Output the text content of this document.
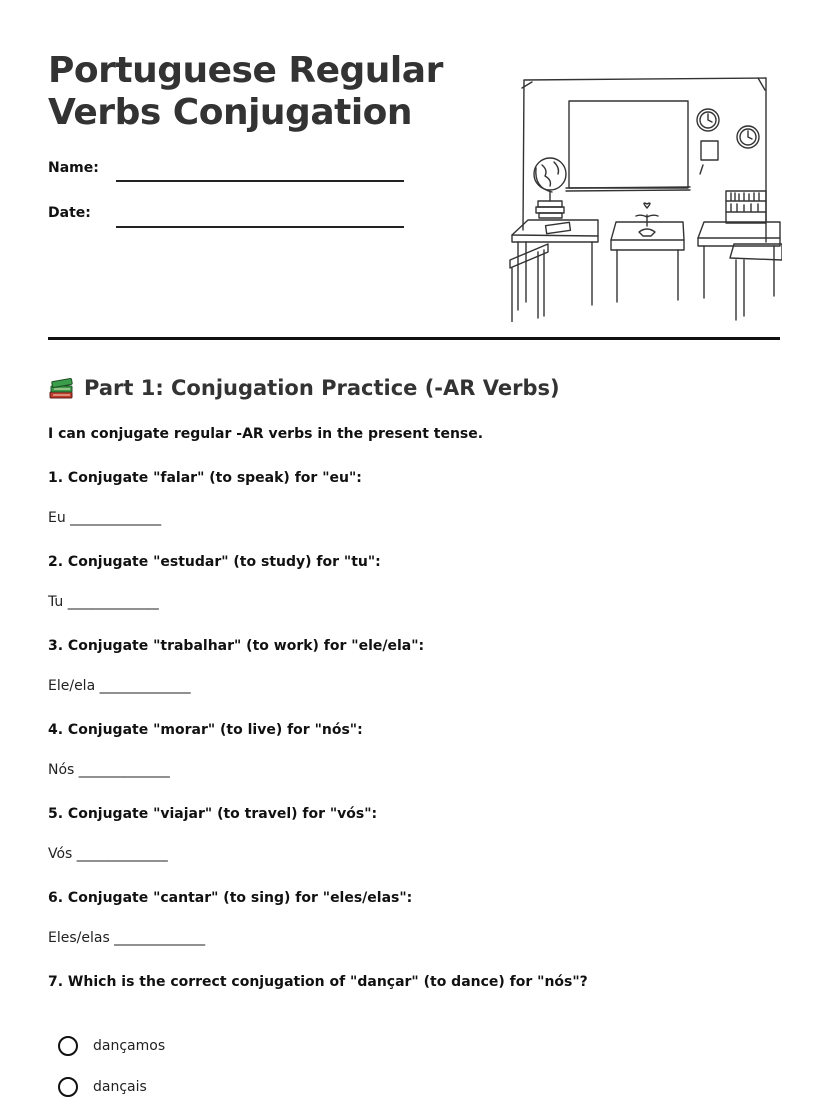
Portuguese Regular Verbs Conjugation
Name:
Date:
Part 1: Conjugation Practice (-AR Verbs)
I can conjugate regular -AR verbs in the present tense.
1. Conjugate "falar" (to speak) for "eu":
Eu _____________
2. Conjugate "estudar" (to study) for "tu":
Tu _____________
3. Conjugate "trabalhar" (to work) for "ele/ela":
Ele/ela _____________
4. Conjugate "morar" (to live) for "nós":
Nós _____________
5. Conjugate "viajar" (to travel) for "vós":
Vós _____________
6. Conjugate "cantar" (to sing) for "eles/elas":
Eles/elas _____________
7. Which is the correct conjugation of "dançar" (to dance) for "nós"?
dançamos
dançais
